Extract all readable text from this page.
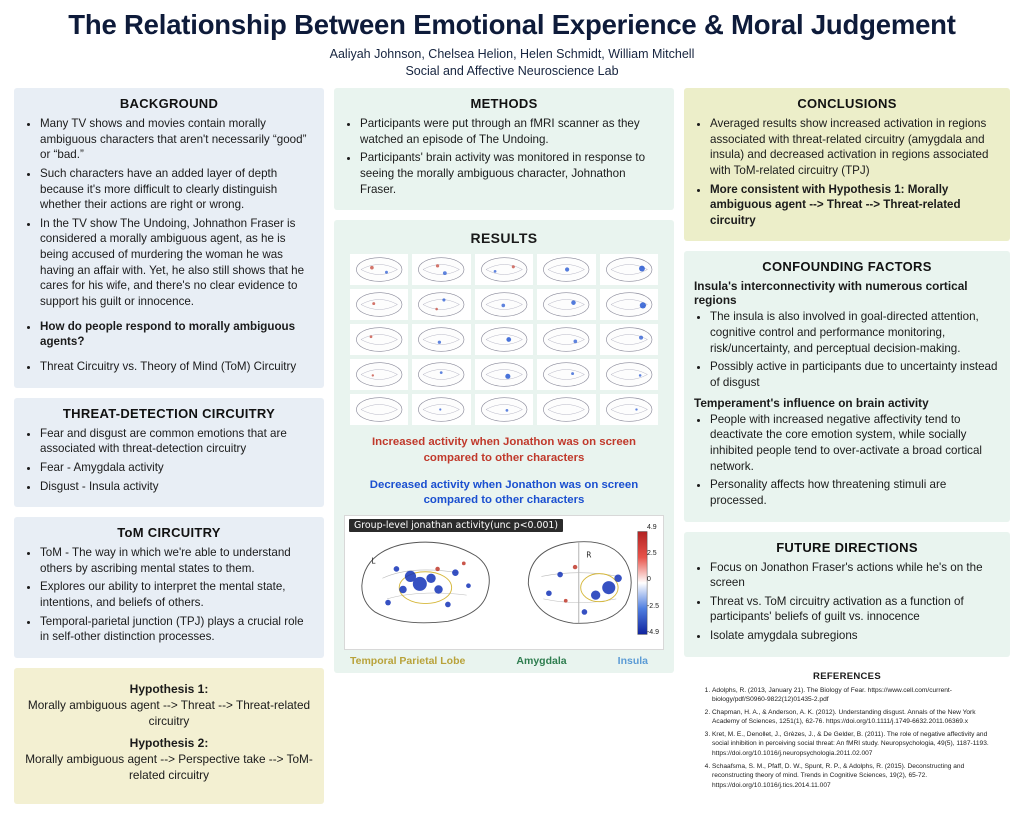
The Relationship Between Emotional Experience & Moral Judgement
Aaliyah Johnson, Chelsea Helion, Helen Schmidt, William Mitchell
Social and Affective Neuroscience Lab
BACKGROUND
• Many TV shows and movies contain morally ambiguous characters that aren't necessarily “good” or “bad.”
• Such characters have an added layer of depth because it's more difficult to clearly distinguish whether their actions are right or wrong.
• In the TV show The Undoing, Johnathon Fraser is considered a morally ambiguous agent, as he is being accused of murdering the woman he was having an affair with. Yet, he also still shows that he cares for his wife, and there's no clear evidence to support his guilt or innocence.
• How do people respond to morally ambiguous agents?
• Threat Circuitry vs. Theory of Mind (ToM) Circuitry
THREAT-DETECTION CIRCUITRY
• Fear and disgust are common emotions that are associated with threat-detection circuitry
• Fear - Amygdala activity
• Disgust - Insula activity
ToM CIRCUITRY
• ToM - The way in which we're able to understand others by ascribing mental states to them.
• Explores our ability to interpret the mental state, intentions, and beliefs of others.
• Temporal-parietal junction (TPJ) plays a crucial role in self-other distinction processes.
Hypothesis 1:
Morally ambiguous agent --> Threat --> Threat-related circuitry
Hypothesis 2:
Morally ambiguous agent --> Perspective take --> ToM-related circuitry
METHODS
• Participants were put through an fMRI scanner as they watched an episode of The Undoing.
• Participants' brain activity was monitored in response to seeing the morally ambiguous character, Johnathon Fraser.
RESULTS
Increased activity when Jonathon was on screen compared to other characters
Decreased activity when Jonathon was on screen compared to other characters
Group-level jonathan activity(unc p<0.001)
L
R
4.9
2.5
0
-2.5
-4.9
Temporal Parietal Lobe	Amygdala	Insula
CONCLUSIONS
• Averaged results show increased activation in regions associated with threat-related circuitry (amygdala and insula) and decreased activation in regions associated with ToM-related circuitry (TPJ)
• More consistent with Hypothesis 1: Morally ambiguous agent --> Threat --> Threat-related circuitry
CONFOUNDING FACTORS
Insula's interconnectivity with numerous cortical regions
• The insula is also involved in goal-directed attention, cognitive control and performance monitoring, risk/uncertainty, and perceptual decision-making.
• Possibly active in participants due to uncertainty instead of disgust
Temperament's influence on brain activity
• People with increased negative affectivity tend to deactivate the core emotion system, while socially inhibited people tend to over-activate a broad cortical network.
• Personality affects how threatening stimuli are processed.
FUTURE DIRECTIONS
• Focus on Jonathon Fraser's actions while he's on the screen
• Threat vs. ToM circuitry activation as a function of participants' beliefs of guilt vs. innocence
• Isolate amygdala subregions
REFERENCES
1. Adolphs, R. (2013, January 21). The Biology of Fear. https://www.cell.com/current-biology/pdf/S0960-9822(12)01435-2.pdf
2. Chapman, H. A., & Anderson, A. K. (2012). Understanding disgust. Annals of the New York Academy of Sciences, 1251(1), 62-76. https://doi.org/10.1111/j.1749-6632.2011.06369.x
3. Kret, M. E., Denollet, J., Grèzes, J., & De Gelder, B. (2011). The role of negative affectivity and social inhibition in perceiving social threat: An fMRI study. Neuropsychologia, 49(5), 1187-1193. https://doi.org/10.1016/j.neuropsychologia.2011.02.007
4. Schaafsma, S. M., Pfaff, D. W., Spunt, R. P., & Adolphs, R. (2015). Deconstructing and reconstructing theory of mind. Trends in Cognitive Sciences, 19(2), 65-72. https://doi.org/10.1016/j.tics.2014.11.007
